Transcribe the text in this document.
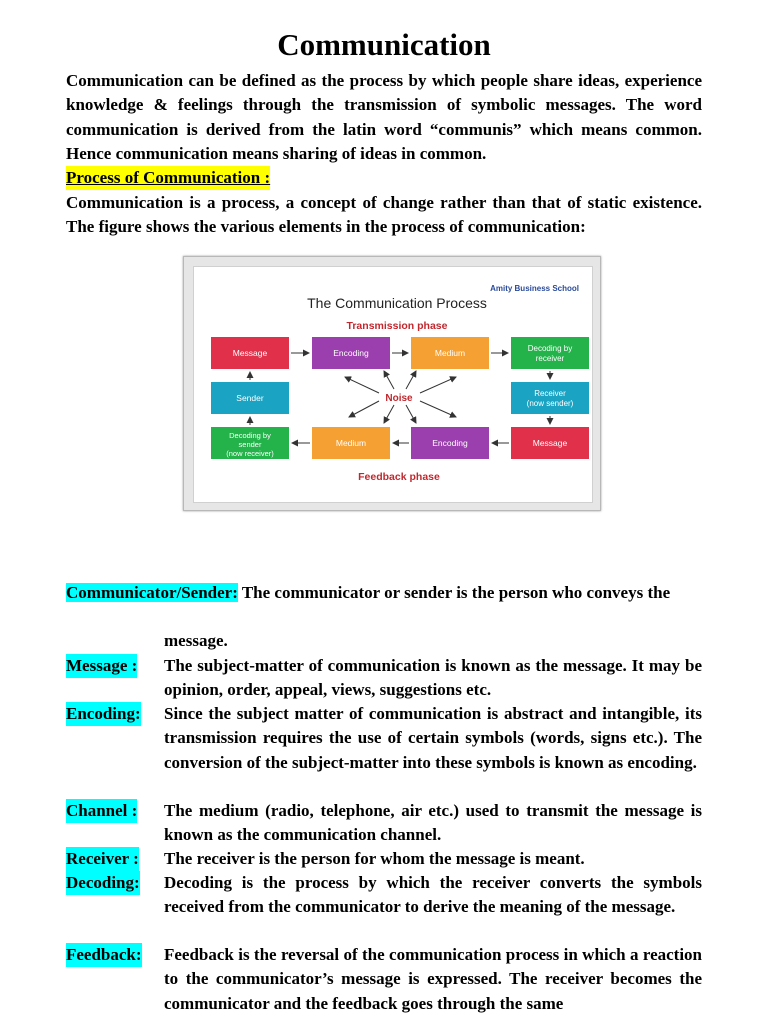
Communication

Communication can be defined as the process by which people share ideas, experience knowledge & feelings through the transmission of symbolic messages. The word communication is derived from the latin word “communis” which means common. Hence communication means sharing of ideas in common.

Process of Communication :

Communication is a process, a concept of change rather than that of static existence. The figure shows the various elements in the process of communication:

Amity Business School
The Communication Process
Transmission phase
Message	Encoding	Medium	Decoding by
receiver
Sender	Receiver
(now sender)
Noise
Decoding by
sender
(now receiver)
Medium	Encoding	Message
Feedback phase
Communicator/Sender: The communicator or sender is the person who conveys the
message.
Message : The subject-matter of communication is known as the message. It may be opinion, order, appeal, views, suggestions etc.
Encoding: Since the subject matter of communication is abstract and intangible, its transmission requires the use of certain symbols (words, signs etc.). The conversion of the subject-matter into these symbols is known as encoding.
Channel : The medium (radio, telephone, air etc.) used to transmit the message is known as the communication channel.
Receiver : The receiver is the person for whom the message is meant.
Decoding: Decoding is the process by which the receiver converts the symbols received from the communicator to derive the meaning of the message.
Feedback: Feedback is the reversal of the communication process in which a reaction to the communicator’s message is expressed. The receiver becomes the communicator and the feedback goes through the same
